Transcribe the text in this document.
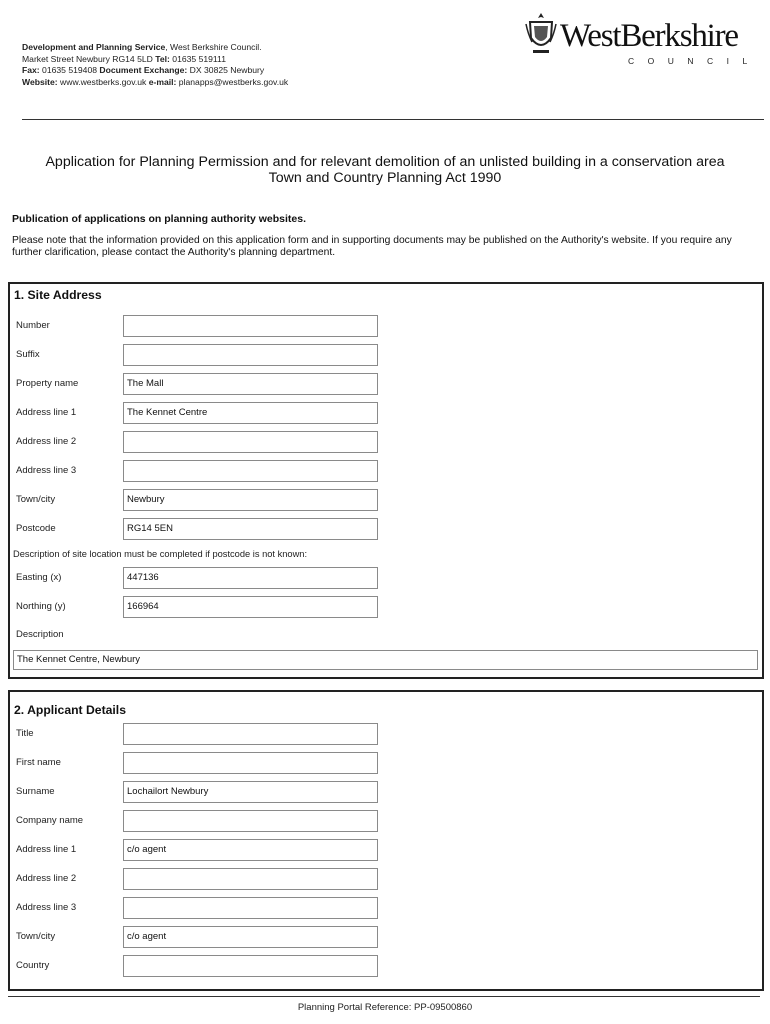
Development and Planning Service, West Berkshire Council.
Market Street Newbury RG14 5LD Tel: 01635 519111
Fax: 01635 519408 Document Exchange: DX 30825 Newbury
Website: www.westberks.gov.uk e-mail: planapps@westberks.gov.uk
WestBerkshire
COUNCIL
Application for Planning Permission and for relevant demolition of an unlisted building in a conservation area
Town and Country Planning Act 1990
Publication of applications on planning authority websites.
Please note that the information provided on this application form and in supporting documents may be published on the Authority's website. If you require any further clarification, please contact the Authority's planning department.
1. Site Address
Number
Suffix
Property name	The Mall
Address line 1	The Kennet Centre
Address line 2
Address line 3
Town/city	Newbury
Postcode	RG14 5EN
Description of site location must be completed if postcode is not known:
Easting (x)	447136
Northing (y)	166964
Description
The Kennet Centre, Newbury
2. Applicant Details
Title
First name
Surname	Lochailort Newbury
Company name
Address line 1	c/o agent
Address line 2
Address line 3
Town/city	c/o agent
Country
Planning Portal Reference: PP-09500860
